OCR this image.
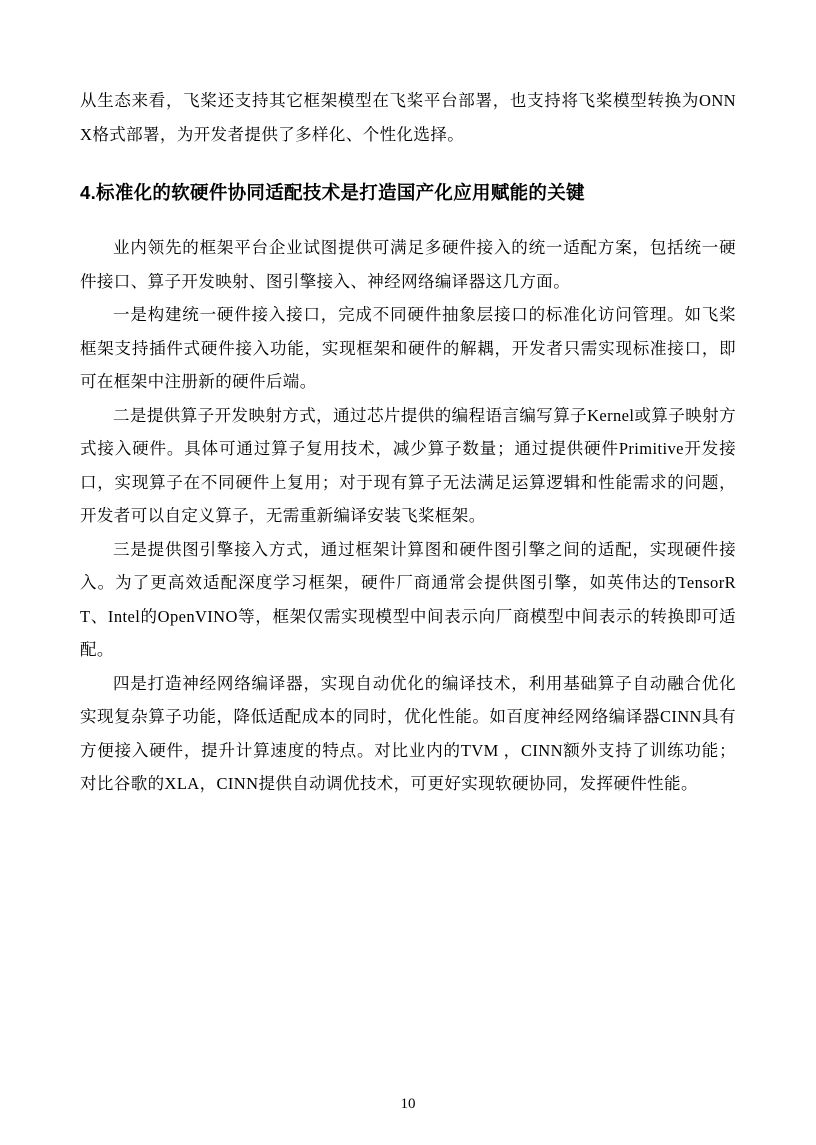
从生态来看，飞桨还支持其它框架模型在飞桨平台部署，也支持将飞桨模型转换为ONNX格式部署，为开发者提供了多样化、个性化选择。

4.标准化的软硬件协同适配技术是打造国产化应用赋能的关键

业内领先的框架平台企业试图提供可满足多硬件接入的统一适配方案，包括统一硬件接口、算子开发映射、图引擎接入、神经网络编译器这几方面。

一是构建统一硬件接入接口，完成不同硬件抽象层接口的标准化访问管理。如飞桨框架支持插件式硬件接入功能，实现框架和硬件的解耦，开发者只需实现标准接口，即可在框架中注册新的硬件后端。

二是提供算子开发映射方式，通过芯片提供的编程语言编写算子Kernel或算子映射方式接入硬件。具体可通过算子复用技术，减少算子数量；通过提供硬件Primitive开发接口，实现算子在不同硬件上复用；对于现有算子无法满足运算逻辑和性能需求的问题，开发者可以自定义算子，无需重新编译安装飞桨框架。

三是提供图引擎接入方式，通过框架计算图和硬件图引擎之间的适配，实现硬件接入。为了更高效适配深度学习框架，硬件厂商通常会提供图引擎，如英伟达的TensorRT、Intel的OpenVINO等，框架仅需实现模型中间表示向厂商模型中间表示的转换即可适配。

四是打造神经网络编译器，实现自动优化的编译技术，利用基础算子自动融合优化实现复杂算子功能，降低适配成本的同时，优化性能。如百度神经网络编译器CINN具有方便接入硬件，提升计算速度的特点。对比业内的TVM ，CINN额外支持了训练功能；对比谷歌的XLA，CINN提供自动调优技术，可更好实现软硬协同，发挥硬件性能。

10
